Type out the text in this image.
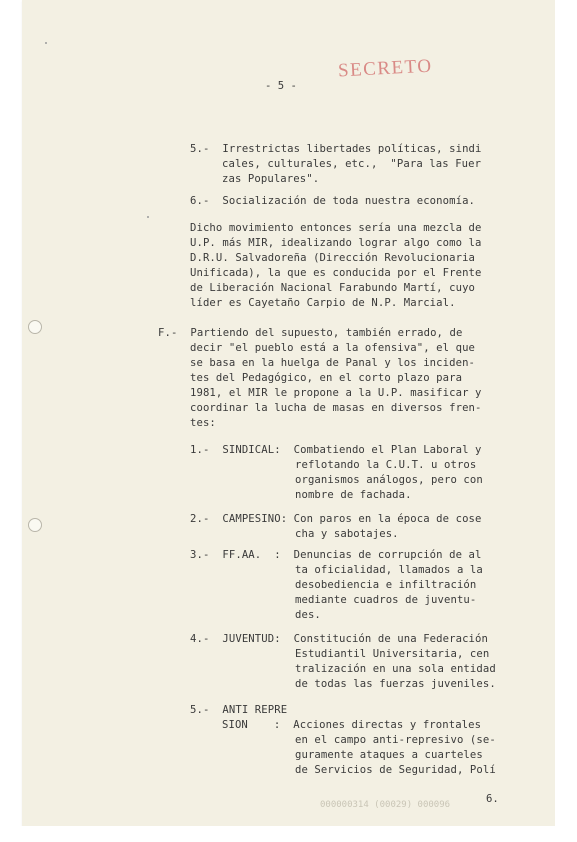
SECRETO
- 5 -
5.-  Irrestrictas libertades políticas, sindi
cales, culturales, etc.,  "Para las Fuer
zas Populares".
6.-  Socialización de toda nuestra economía.
Dicho movimiento entonces sería una mezcla de
U.P. más MIR, idealizando lograr algo como la
D.R.U. Salvadoreña (Dirección Revolucionaria
Unificada), la que es conducida por el Frente
de Liberación Nacional Farabundo Martí, cuyo
líder es Cayetaño Carpio de N.P. Marcial.
F.-  Partiendo del supuesto, también errado, de
decir "el pueblo está a la ofensiva", el que
se basa en la huelga de Panal y los inciden-
tes del Pedagógico, en el corto plazo para
1981, el MIR le propone a la U.P. masificar y
coordinar la lucha de masas en diversos fren-
tes:
1.-  SINDICAL:  Combatiendo el Plan Laboral y
reflotando la C.U.T. u otros
organismos análogos, pero con
nombre de fachada.
2.-  CAMPESINO: Con paros en la época de cose
cha y sabotajes.
3.-  FF.AA.  :  Denuncias de corrupción de al
ta oficialidad, llamados a la
desobediencia e infiltración
mediante cuadros de juventu-
des.
4.-  JUVENTUD:  Constitución de una Federación
Estudiantil Universitaria, cen
tralización en una sola entidad
de todas las fuerzas juveniles.
5.-  ANTI REPRE
SION    :  Acciones directas y frontales
en el campo anti-represivo (se-
guramente ataques a cuarteles
de Servicios de Seguridad, Polí
000000314 (00029) 000096	6.
